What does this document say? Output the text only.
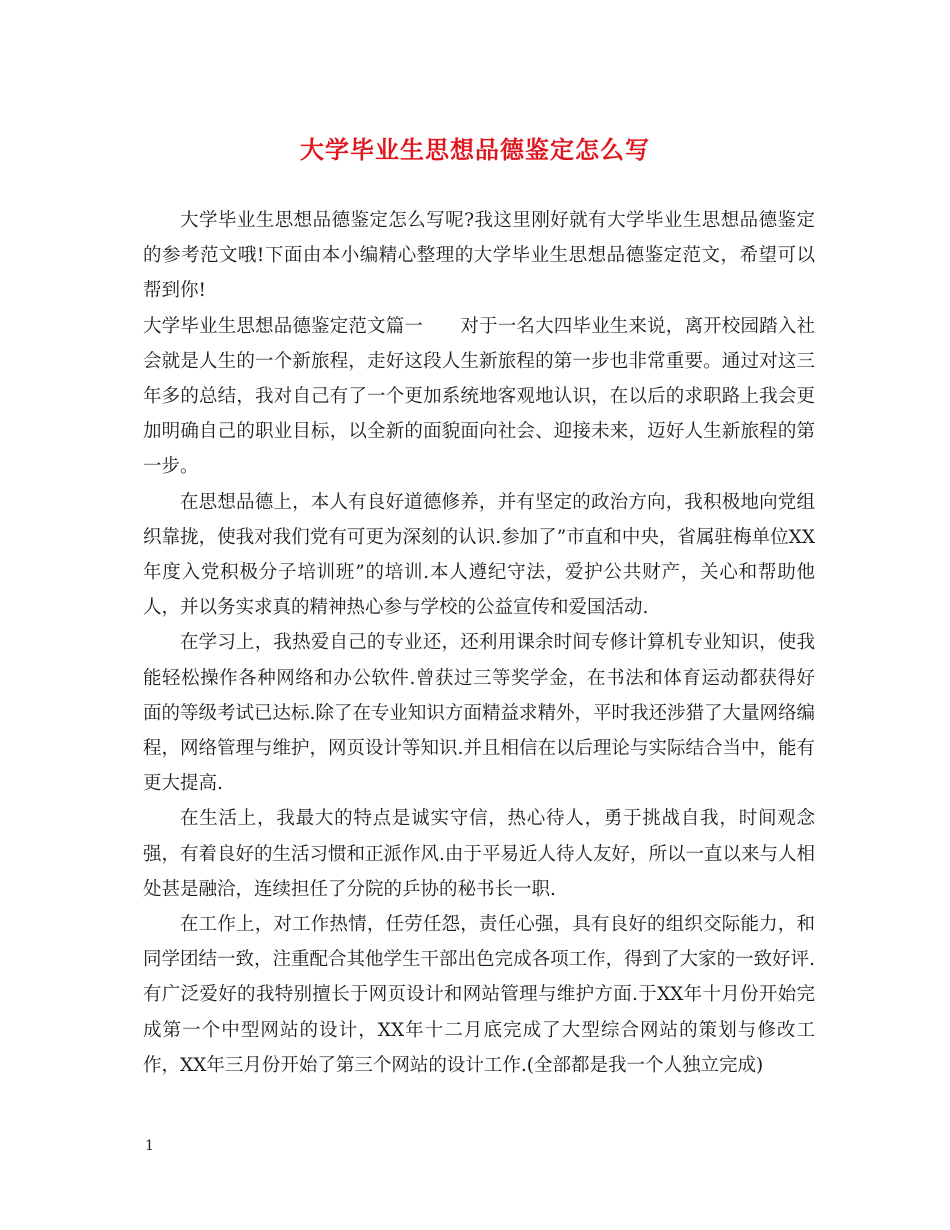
大学毕业生思想品德鉴定怎么写

大学毕业生思想品德鉴定怎么写呢?我这里刚好就有大学毕业生思想品德鉴定的参考范文哦!下面由本小编精心整理的大学毕业生思想品德鉴定范文，希望可以帮到你!

大学毕业生思想品德鉴定范文篇一　　对于一名大四毕业生来说，离开校园踏入社会就是人生的一个新旅程，走好这段人生新旅程的第一步也非常重要。通过对这三年多的总结，我对自己有了一个更加系统地客观地认识，在以后的求职路上我会更加明确自己的职业目标，以全新的面貌面向社会、迎接未来，迈好人生新旅程的第一步。

在思想品德上，本人有良好道德修养，并有坚定的政治方向，我积极地向党组织靠拢，使我对我们党有可更为深刻的认识.参加了”市直和中央，省属驻梅单位XX年度入党积极分子培训班”的培训.本人遵纪守法，爱护公共财产，关心和帮助他人，并以务实求真的精神热心参与学校的公益宣传和爱国活动.

在学习上，我热爱自己的专业还，还利用课余时间专修计算机专业知识，使我能轻松操作各种网络和办公软件.曾获过三等奖学金，在书法和体育运动都获得好　面的等级考试已达标.除了在专业知识方面精益求精外，平时我还涉猎了大量网络编程，网络管理与维护，网页设计等知识.并且相信在以后理论与实际结合当中，能有更大提高.

在生活上，我最大的特点是诚实守信，热心待人，勇于挑战自我，时间观念强，有着良好的生活习惯和正派作风.由于平易近人待人友好，所以一直以来与人相处甚是融洽，连续担任了分院的乒协的秘书长一职.

在工作上，对工作热情，任劳任怨，责任心强，具有良好的组织交际能力，和同学团结一致，注重配合其他学生干部出色完成各项工作，得到了大家的一致好评.有广泛爱好的我特别擅长于网页设计和网站管理与维护方面.于XX年十月份开始完成第一个中型网站的设计，XX年十二月底完成了大型综合网站的策划与修改工作，XX年三月份开始了第三个网站的设计工作.(全部都是我一个人独立完成)

1
